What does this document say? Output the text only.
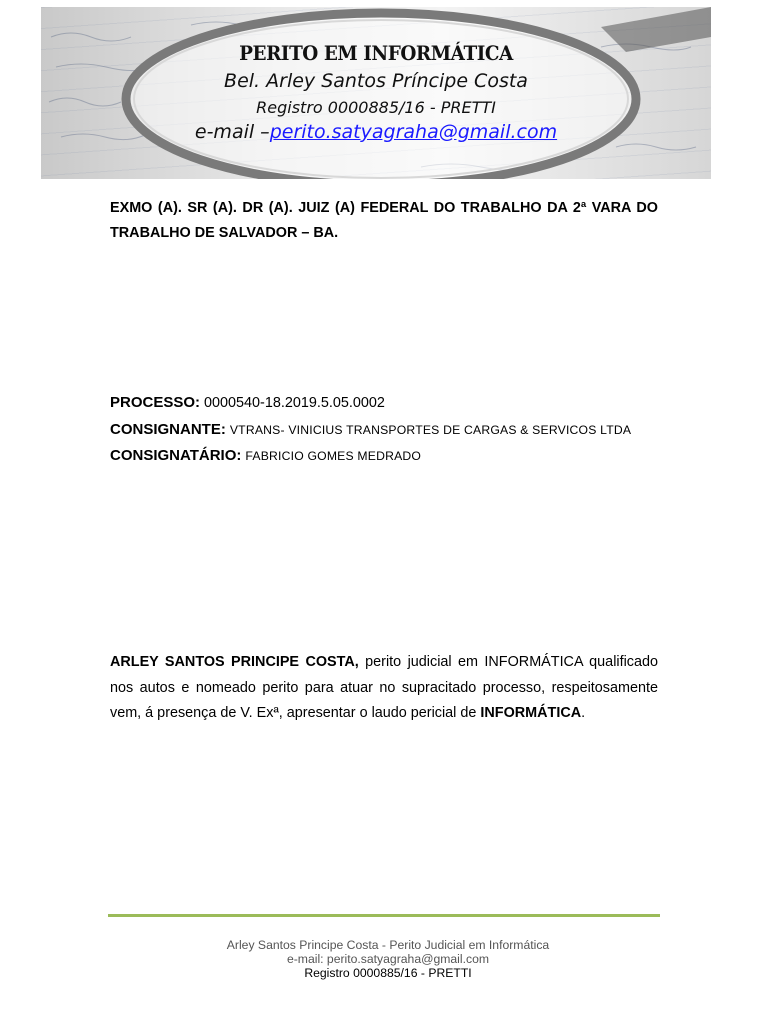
PERITO EM INFORMÁTICA
Bel. Arley Santos Príncipe Costa
Registro 0000885/16 - PRETTI
e-mail –perito.satyagraha@gmail.com
EXMO (A). SR (A). DR (A). JUIZ (A) FEDERAL DO TRABALHO DA 2ª VARA DO TRABALHO DE SALVADOR – BA.
PROCESSO: 0000540-18.2019.5.05.0002
CONSIGNANTE: VTRANS- VINICIUS TRANSPORTES DE CARGAS & SERVICOS LTDA
CONSIGNATÁRIO: FABRICIO GOMES MEDRADO
ARLEY SANTOS PRINCIPE COSTA, perito judicial em INFORMÁTICA qualificado nos autos e nomeado perito para atuar no supracitado processo, respeitosamente vem, á presença de V. Exª, apresentar o laudo pericial de INFORMÁTICA.
Arley Santos Principe Costa - Perito Judicial em Informática
e-mail: perito.satyagraha@gmail.com
Registro 0000885/16 - PRETTI
